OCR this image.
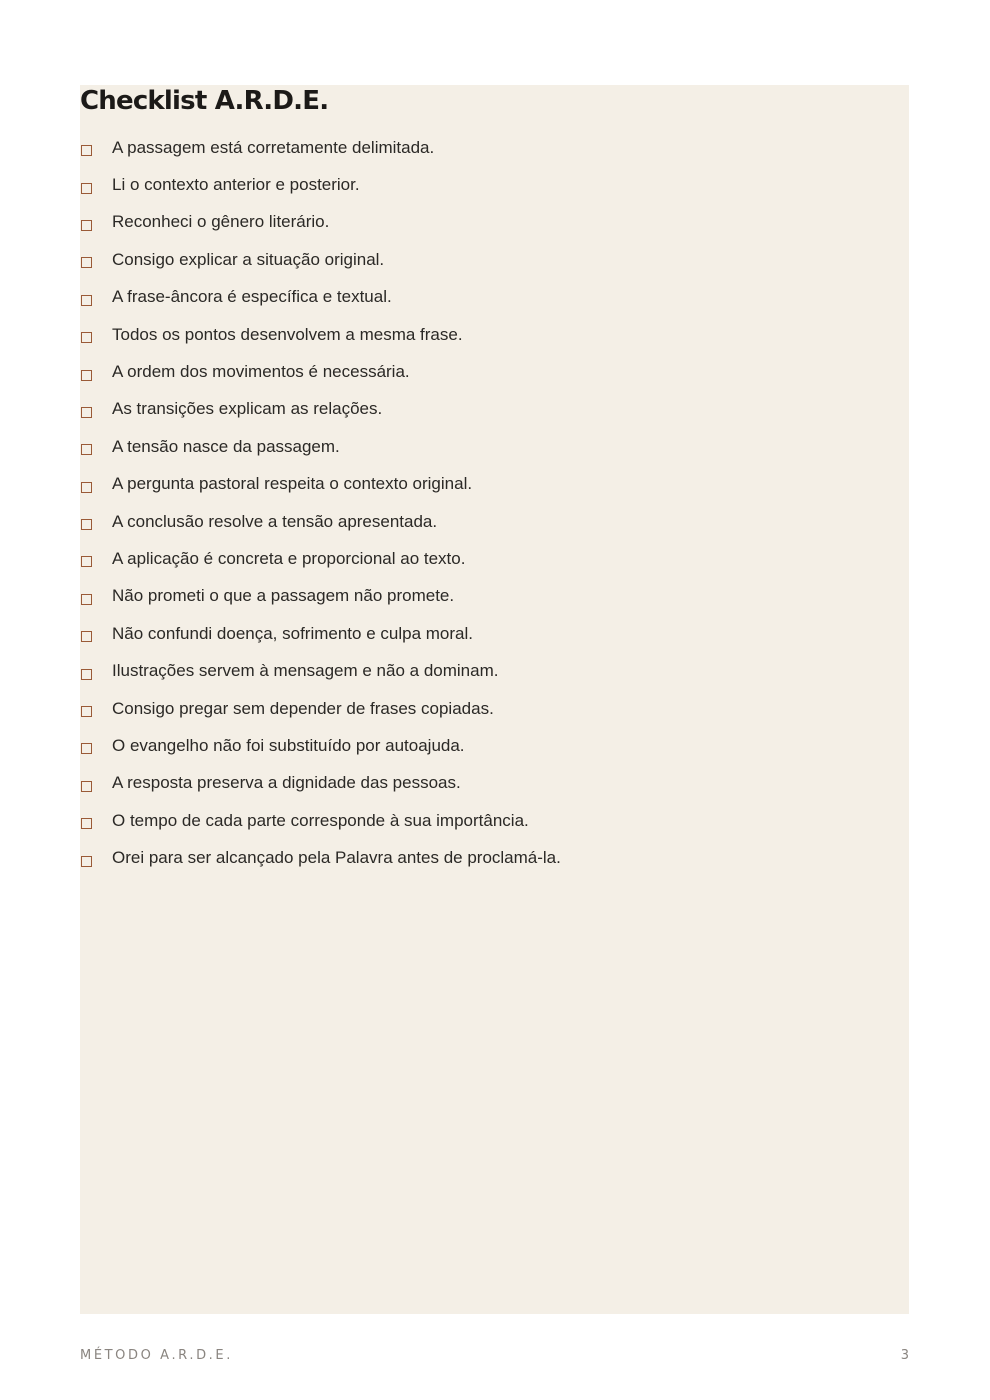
Checklist A.R.D.E.
A passagem está corretamente delimitada.
Li o contexto anterior e posterior.
Reconheci o gênero literário.
Consigo explicar a situação original.
A frase-âncora é específica e textual.
Todos os pontos desenvolvem a mesma frase.
A ordem dos movimentos é necessária.
As transições explicam as relações.
A tensão nasce da passagem.
A pergunta pastoral respeita o contexto original.
A conclusão resolve a tensão apresentada.
A aplicação é concreta e proporcional ao texto.
Não prometi o que a passagem não promete.
Não confundi doença, sofrimento e culpa moral.
Ilustrações servem à mensagem e não a dominam.
Consigo pregar sem depender de frases copiadas.
O evangelho não foi substituído por autoajuda.
A resposta preserva a dignidade das pessoas.
O tempo de cada parte corresponde à sua importância.
Orei para ser alcançado pela Palavra antes de proclamá-la.
MÉTODO A.R.D.E.	3
